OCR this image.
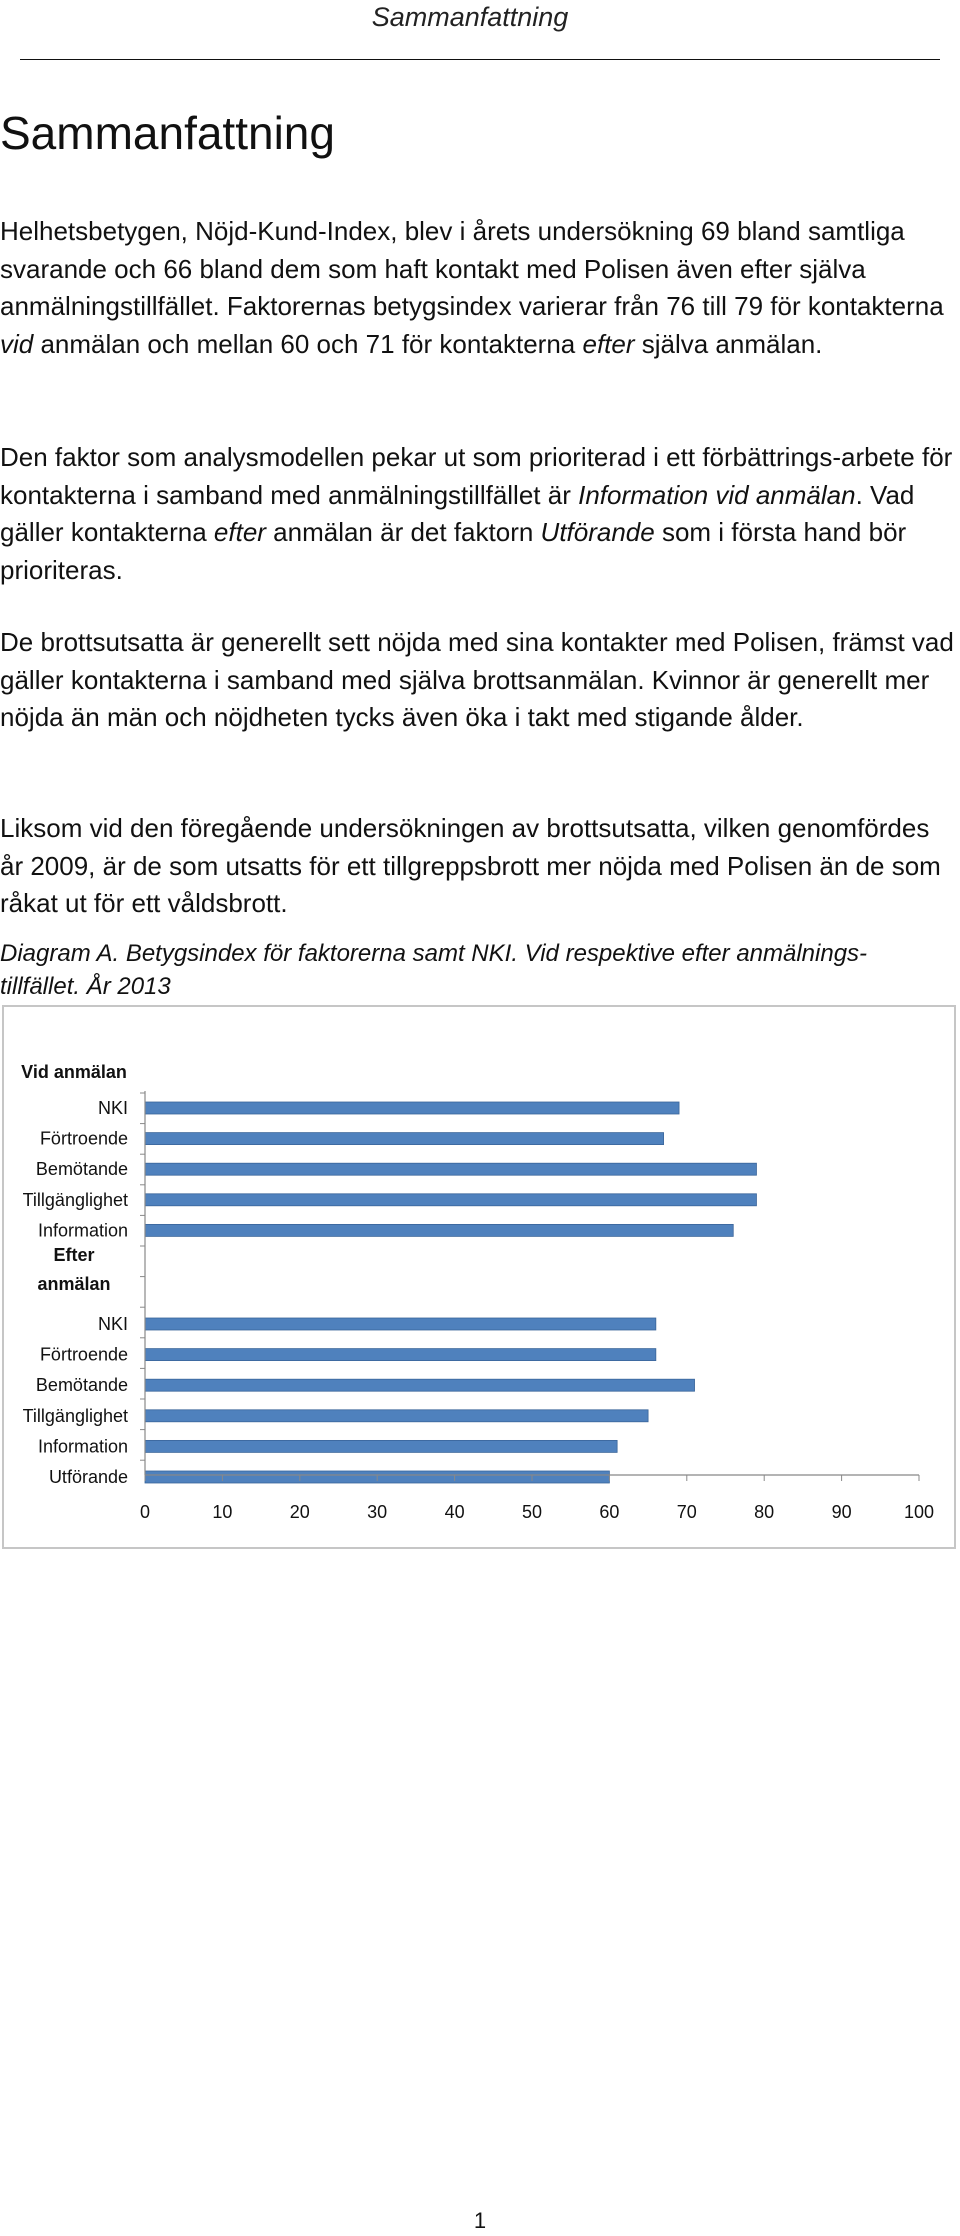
Sammanfattning
Sammanfattning

Helhetsbetygen, Nöjd-Kund-Index, blev i årets undersökning 69 bland samtliga svarande och 66 bland dem som haft kontakt med Polisen även efter själva anmälningstillfället. Faktorernas betygsindex varierar från 76 till 79 för kontakterna vid anmälan och mellan 60 och 71 för kontakterna efter själva anmälan.

Den faktor som analysmodellen pekar ut som prioriterad i ett förbättrings-arbete för kontakterna i samband med anmälningstillfället är Information vid anmälan. Vad gäller kontakterna efter anmälan är det faktorn Utförande som i första hand bör prioriteras.

De brottsutsatta är generellt sett nöjda med sina kontakter med Polisen, främst vad gäller kontakterna i samband med själva brottsanmälan. Kvinnor är generellt mer nöjda än män och nöjdheten tycks även öka i takt med stigande ålder.

Liksom vid den föregående undersökningen av brottsutsatta, vilken genomfördes år 2009, är de som utsatts för ett tillgreppsbrott mer nöjda med Polisen än de som råkat ut för ett våldsbrott.

Diagram A. Betygsindex för faktorerna samt NKI. Vid respektive efter anmälnings-tillfället. År 2013

Vid anmälan
NKI
Förtroende
Bemötande
Tillgänglighet
Information
Efter
anmälan
NKI
Förtroende
Bemötande
Tillgänglighet
Information
Utförande
0	10	20	30	40	50	60	70	80	90	100
1
